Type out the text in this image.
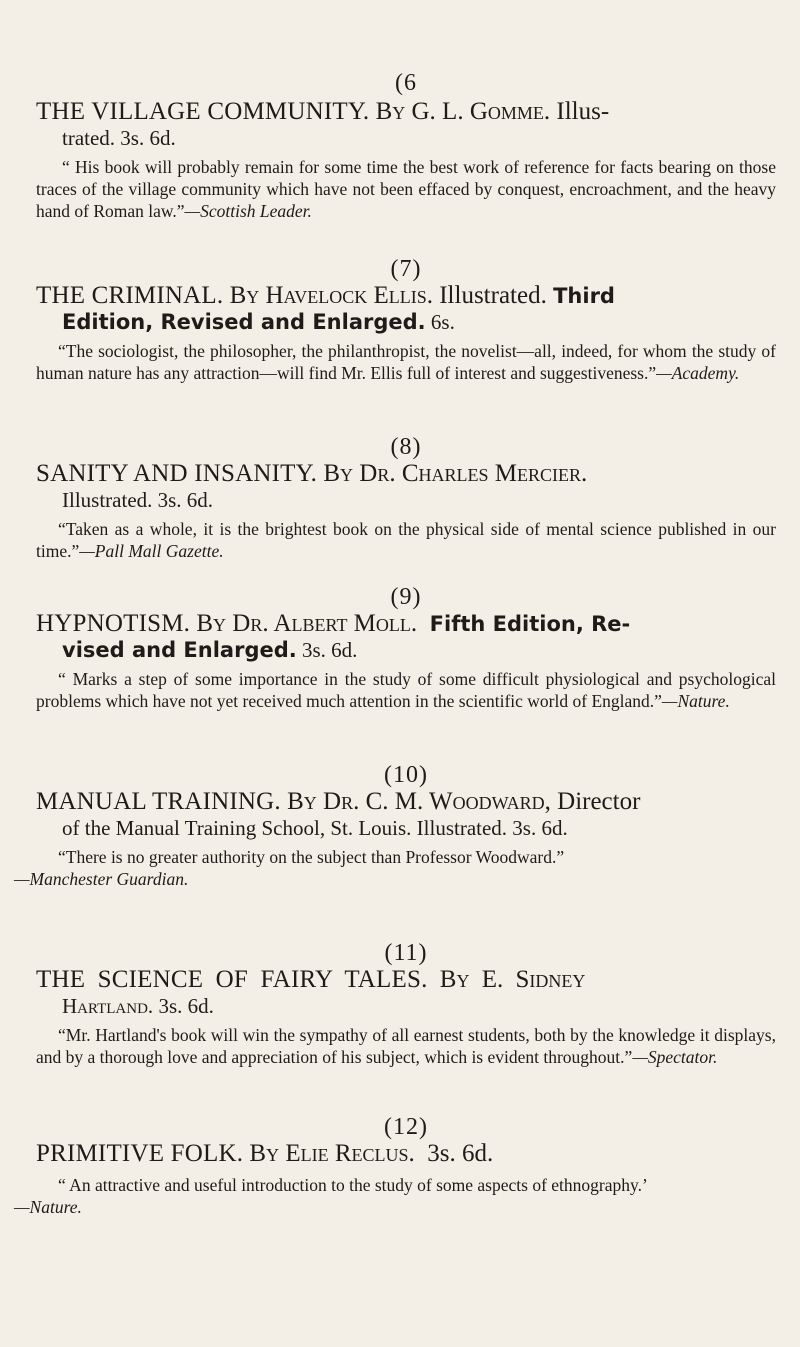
(6

THE VILLAGE COMMUNITY. By G. L. Gomme. Illus-

trated. 3s. 6d.

“ His book will probably remain for some time the best work of reference for facts bearing on those traces of the village community which have not been effaced by conquest, encroachment, and the heavy hand of Roman law.”—Scottish Leader.

(7)

THE CRIMINAL. By Havelock Ellis. Illustrated. Third

Edition, Revised and Enlarged. 6s.

“The sociologist, the philosopher, the philanthropist, the novelist—all, indeed, for whom the study of human nature has any attraction—will find Mr. Ellis full of interest and suggestiveness.”—Academy.

(8)

SANITY AND INSANITY. By Dr. Charles Mercier.

Illustrated. 3s. 6d.

“Taken as a whole, it is the brightest book on the physical side of mental science published in our time.”—Pall Mall Gazette.

(9)

HYPNOTISM. By Dr. Albert Moll. Fifth Edition, Re-

vised and Enlarged. 3s. 6d.

“ Marks a step of some importance in the study of some difficult physiological and psychological problems which have not yet received much attention in the scientific world of England.”—Nature.

(10)

MANUAL TRAINING. By Dr. C. M. Woodward, Director

of the Manual Training School, St. Louis. Illustrated. 3s. 6d.

“There is no greater authority on the subject than Professor Woodward.”
—Manchester Guardian.

(11)

THE SCIENCE OF FAIRY TALES. By E. Sidney

Hartland. 3s. 6d.

“Mr. Hartland's book will win the sympathy of all earnest students, both by the knowledge it displays, and by a thorough love and appreciation of his subject, which is evident throughout.”—Spectator.

(12)

PRIMITIVE FOLK. By Elie Reclus. 3s. 6d.

“ An attractive and useful introduction to the study of some aspects of ethnography.’
—Nature.
